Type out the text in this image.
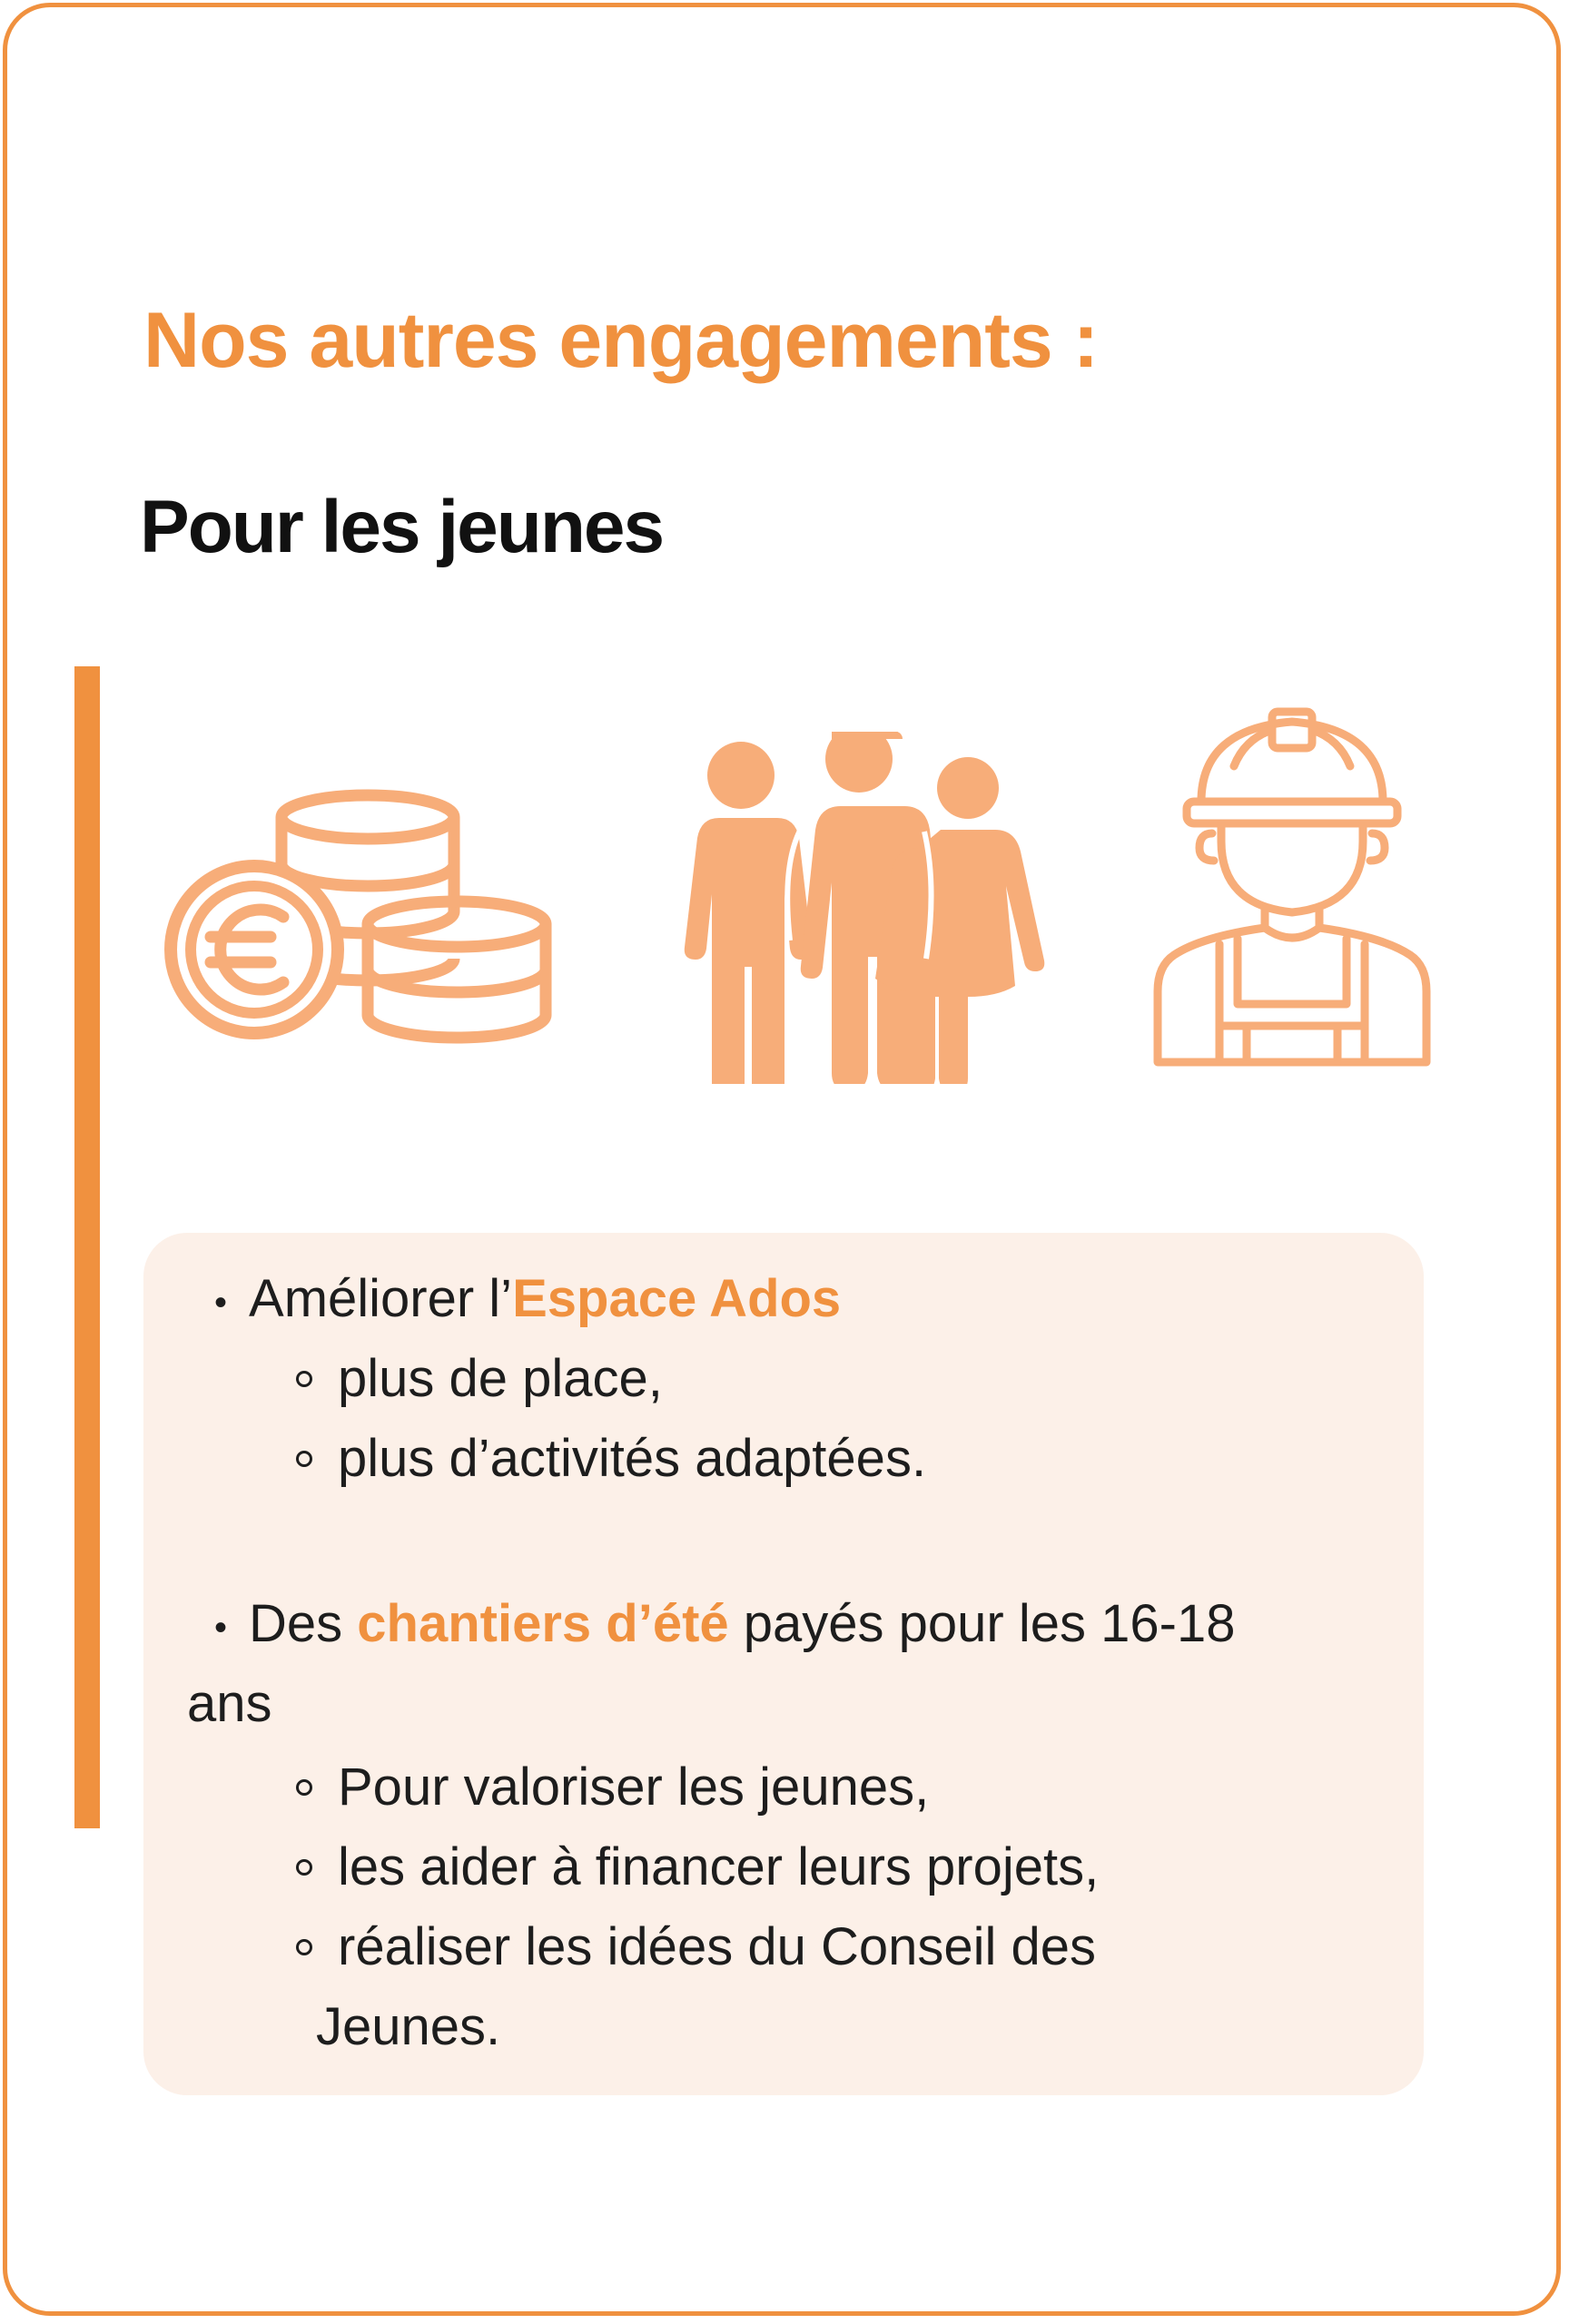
Nos autres engagements :
Pour les jeunes
• Améliorer l’Espace Ados
plus de place,
plus d’activités adaptées.
• Des chantiers d’été payés pour les 16-18
ans
Pour valoriser les jeunes,
les aider à financer leurs projets,
réaliser les idées du Conseil des
Jeunes.
